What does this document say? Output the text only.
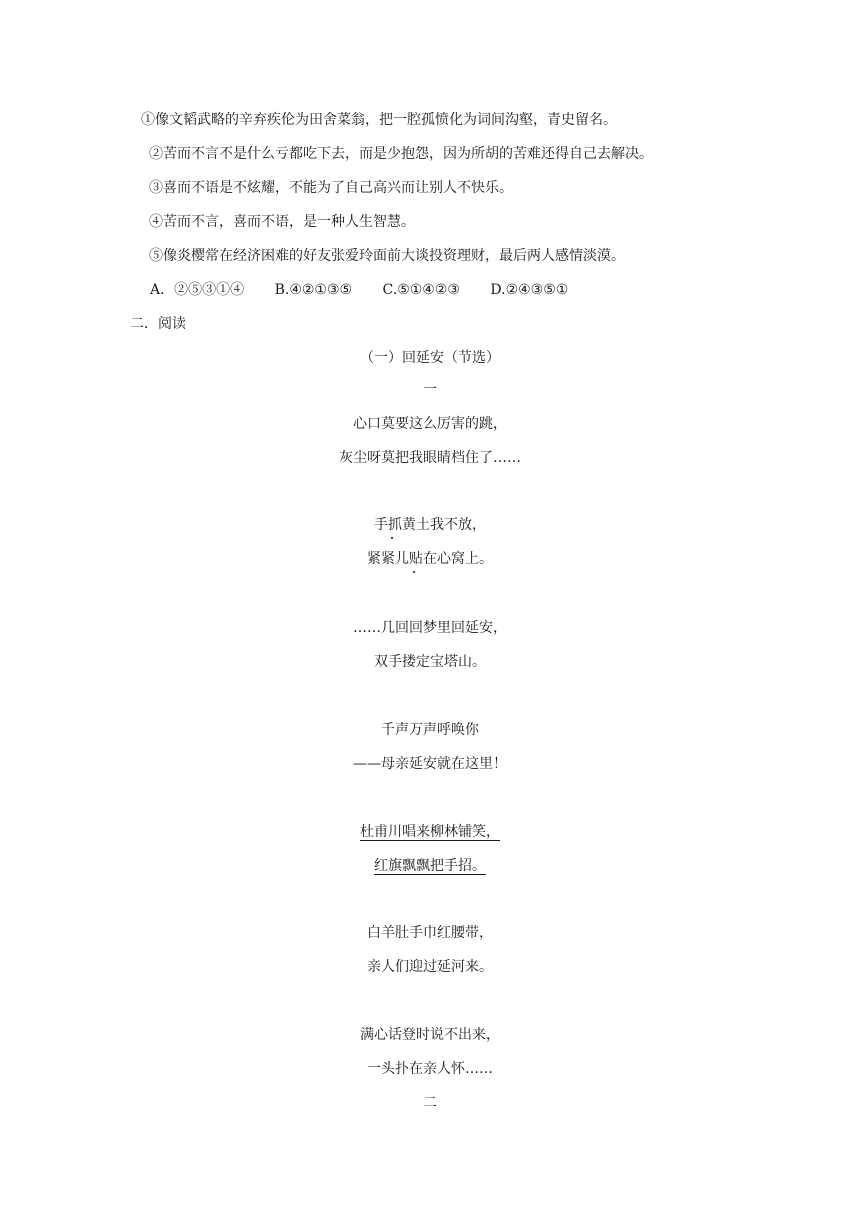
①像文韬武略的辛弃疾伦为田舍菜翁，把一腔孤愤化为词间沟壑，青史留名。
②苦而不言不是什么亏都吃下去，而是少抱怨，因为所胡的苦难还得自己去解决。
③喜而不语是不炫耀，不能为了自己高兴而让别人不快乐。
④苦而不言，喜而不语，是一种人生智慧。
⑤像炎樱常在经济困难的好友张爱玲面前大谈投资理财，最后两人感情淡漠。
A．②⑤③①④ B.④②①③⑤ C.⑤①④②③ D.②④③⑤①
二．阅读
（一）回延安（节选）
一
心口莫要这么厉害的跳，
灰尘呀莫把我眼睛档住了……
手抓黄土我不放，
紧紧儿贴在心窝上。
……几回回梦里回延安，
双手搂定宝塔山。
千声万声呼唤你
——母亲延安就在这里！
杜甫川唱来柳林铺笑，
红旗飘飘把手招。
白羊肚手巾红腰带，
亲人们迎过延河来。
满心话登时说不出来，
一头扑在亲人怀……
二
